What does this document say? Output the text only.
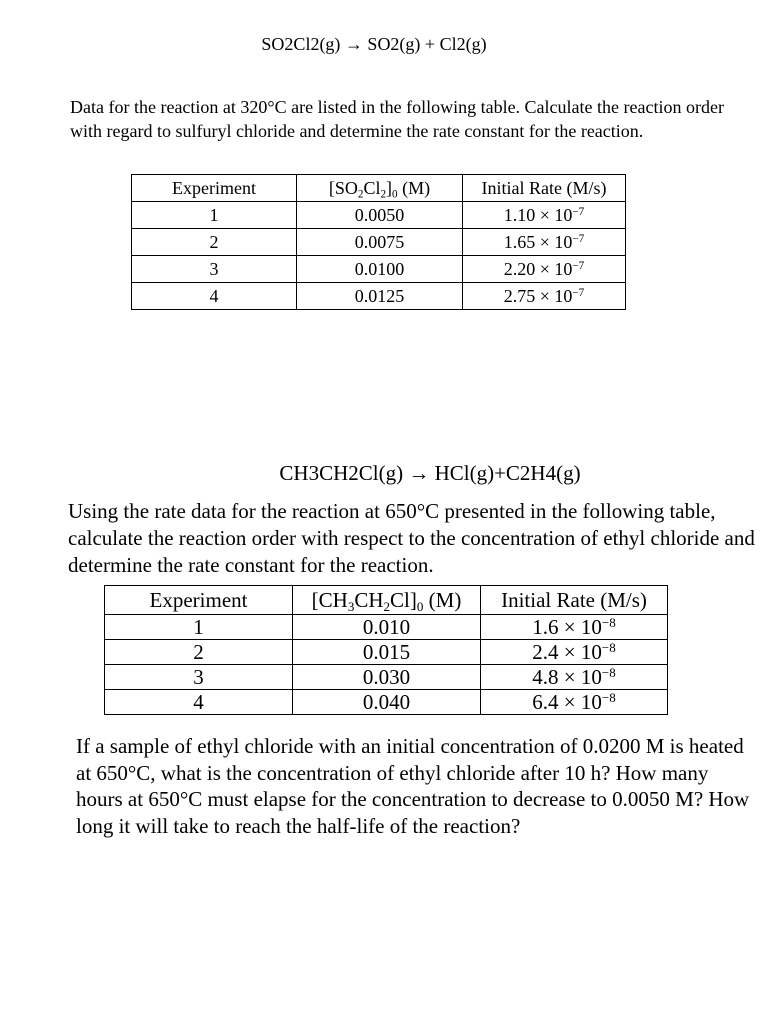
SO2Cl2(g) → SO2(g) + Cl2(g)

Data for the reaction at 320°C are listed in the following table. Calculate the reaction order with regard to sulfuryl chloride and determine the rate constant for the reaction.

Experiment	$[SO_2Cl_2]_0$ (M)	Initial Rate (M/s)
1	0.0050	$1.10 \times 10^{-7}$
2	0.0075	$1.65 \times 10^{-7}$
3	0.0100	$2.20 \times 10^{-7}$
4	0.0125	$2.75 \times 10^{-7}$
CH3CH2Cl(g) → HCl(g)+C2H4(g)

Using the rate data for the reaction at 650°C presented in the following table, calculate the reaction order with respect to the concentration of ethyl chloride and determine the rate constant for the reaction.

Experiment	$[CH_3CH_2Cl]_0$ (M)	Initial Rate (M/s)
1	0.010	$1.6 \times 10^{-8}$
2	0.015	$2.4 \times 10^{-8}$
3	0.030	$4.8 \times 10^{-8}$
4	0.040	$6.4 \times 10^{-8}$

If a sample of ethyl chloride with an initial concentration of 0.0200 M is heated at 650°C, what is the concentration of ethyl chloride after 10 h? How many hours at 650°C must elapse for the concentration to decrease to 0.0050 M? How long it will take to reach the half-life of the reaction?
